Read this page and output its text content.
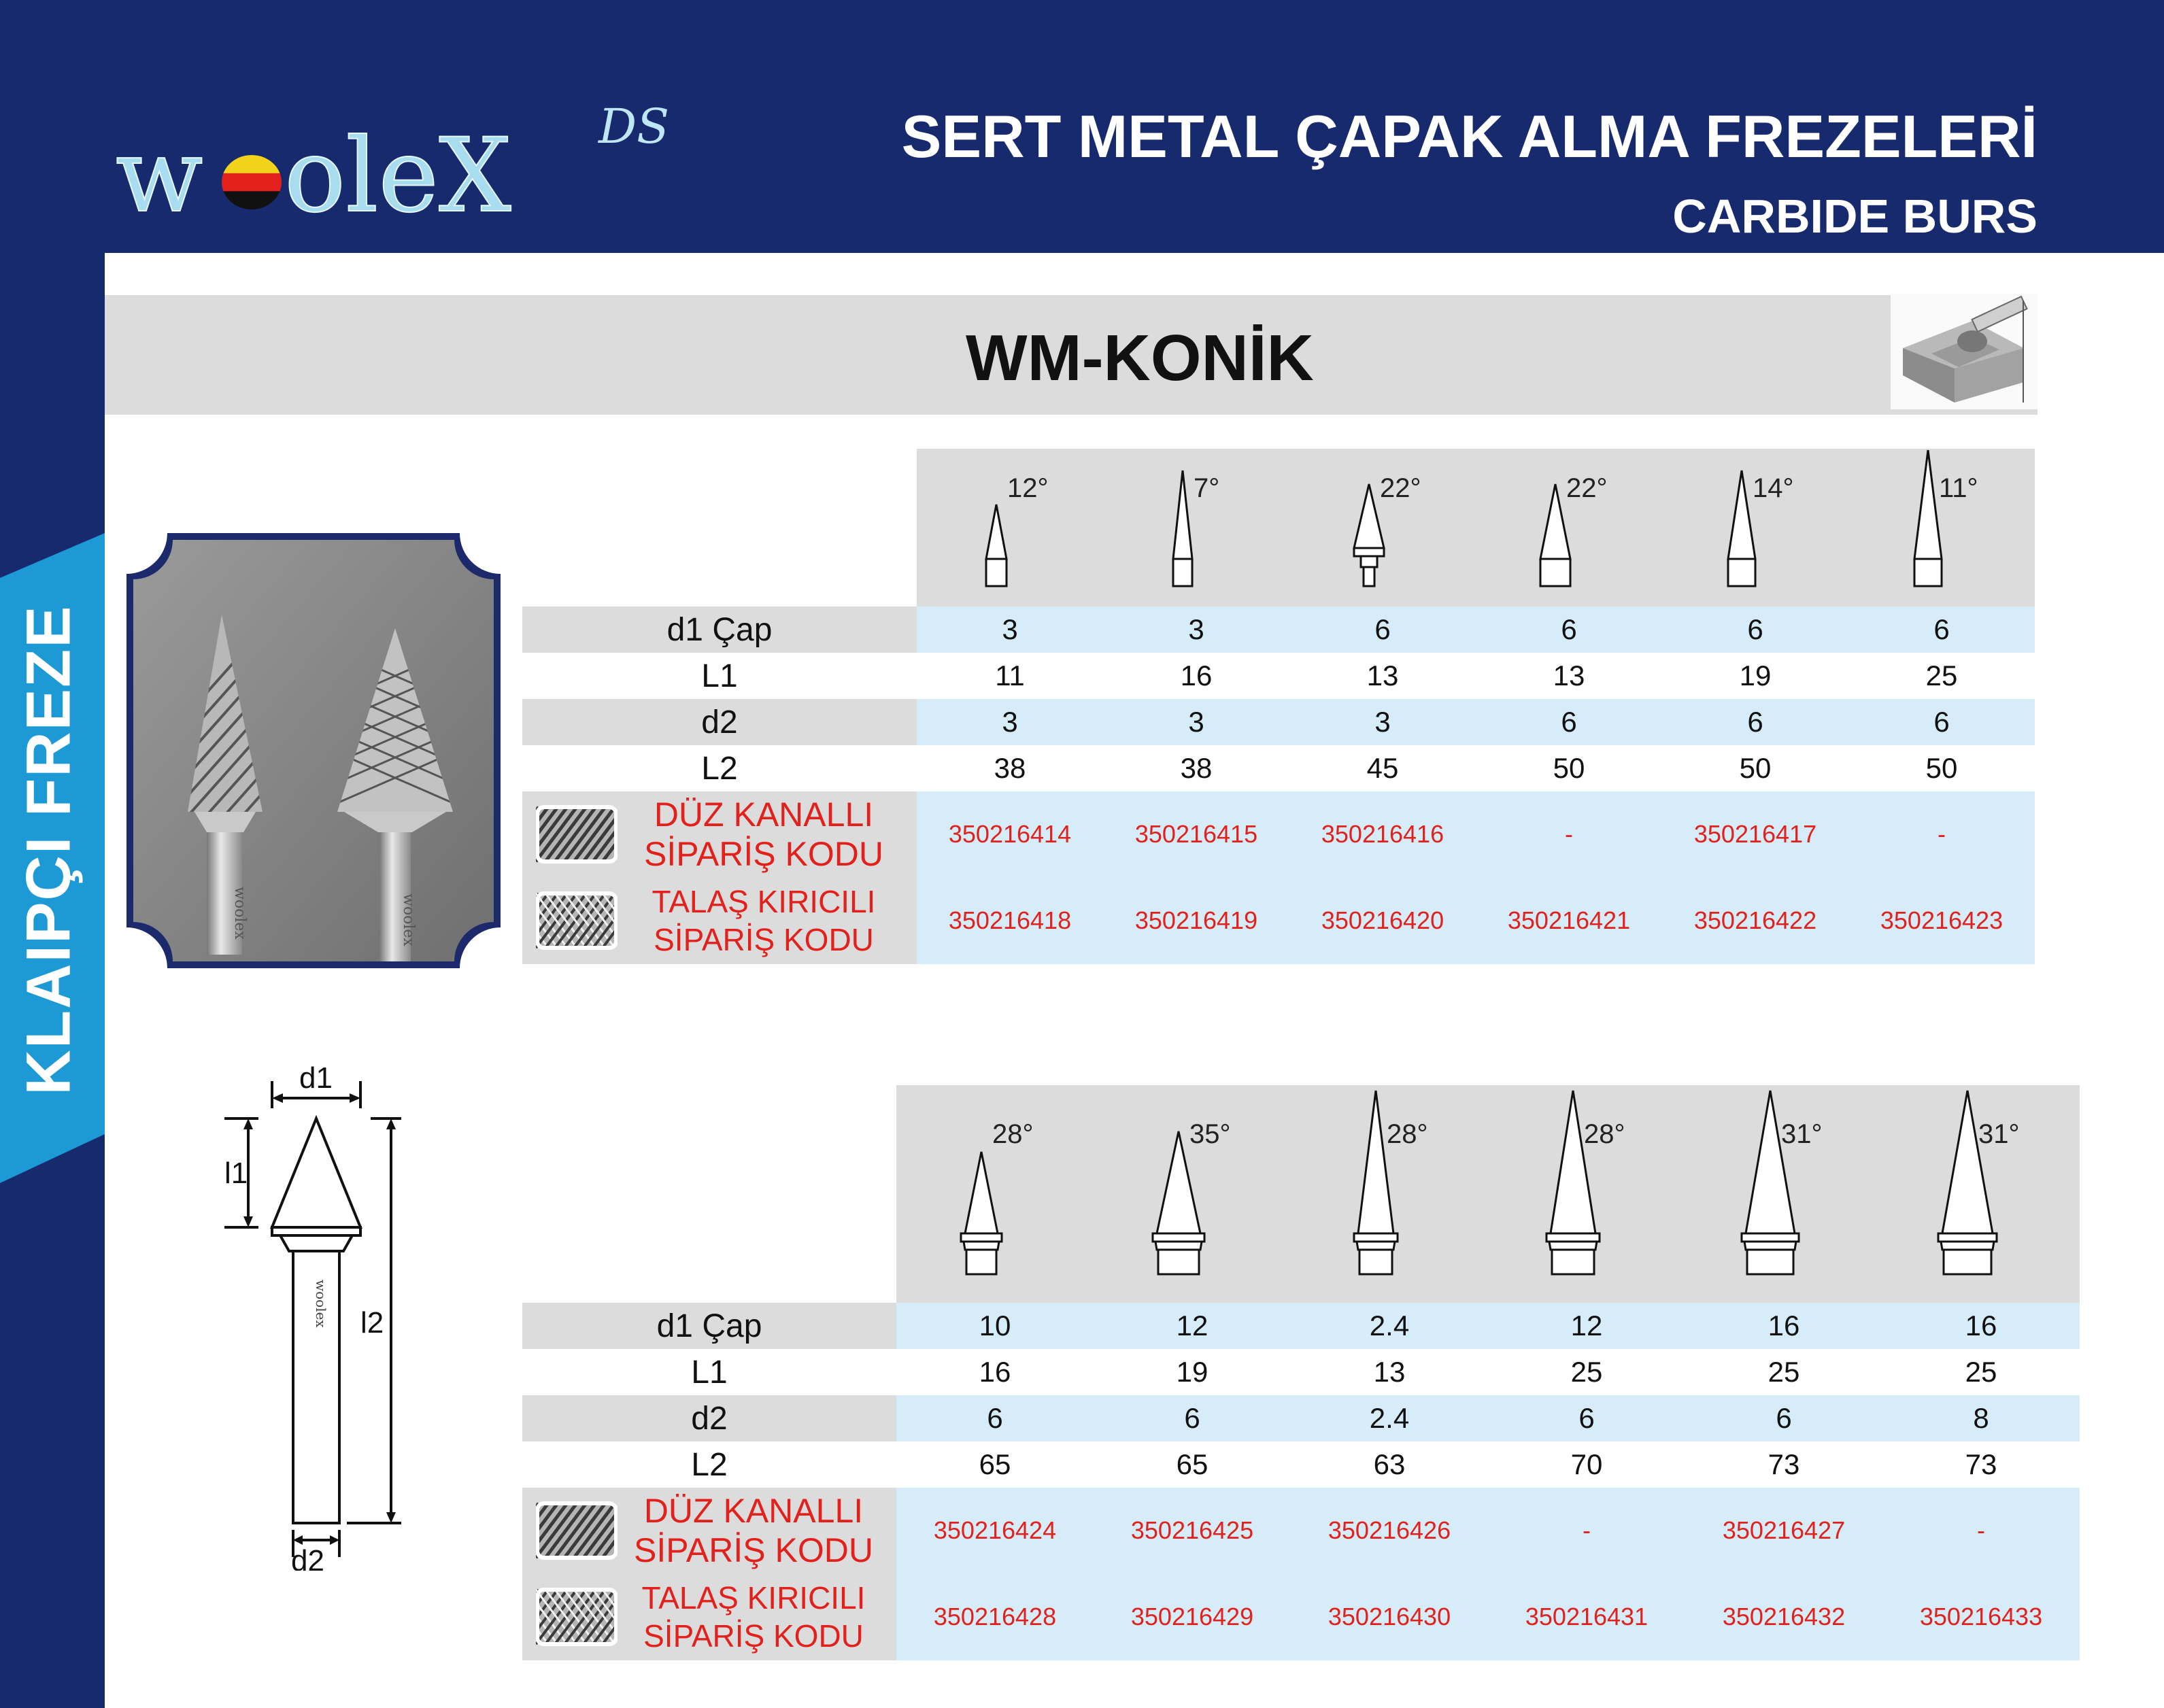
KLAIPÇI FREZE
w oleX DS	SERT METAL ÇAPAK ALMA FREZELERİ
CARBIDE BURS
WM-KONİK
woolex	woolex
woolex
d1
l1
l2
d2
12°	7°	22°	22°	14°	11°
d1 Çap	3	3	6	6	6	6
L1	11	16	13	13	19	25
d2	3	3	3	6	6	6
L2	38	38	45	50	50	50
DÜZ KANALLI
SİPARİŞ KODU
350216414	350216415	350216416	-	350216417	-
TALAŞ KIRICILI
SİPARİŞ KODU
350216418	350216419	350216420	350216421	350216422	350216423
28°	35°	28°	28°	31°	31°
d1 Çap	10	12	2.4	12	16	16
L1	16	19	13	25	25	25
d2	6	6	2.4	6	6	8
L2	65	65	63	70	73	73
DÜZ KANALLI
SİPARİŞ KODU
350216424	350216425	350216426	-	350216427	-
TALAŞ KIRICILI
SİPARİŞ KODU
350216428	350216429	350216430	350216431	350216432	350216433
